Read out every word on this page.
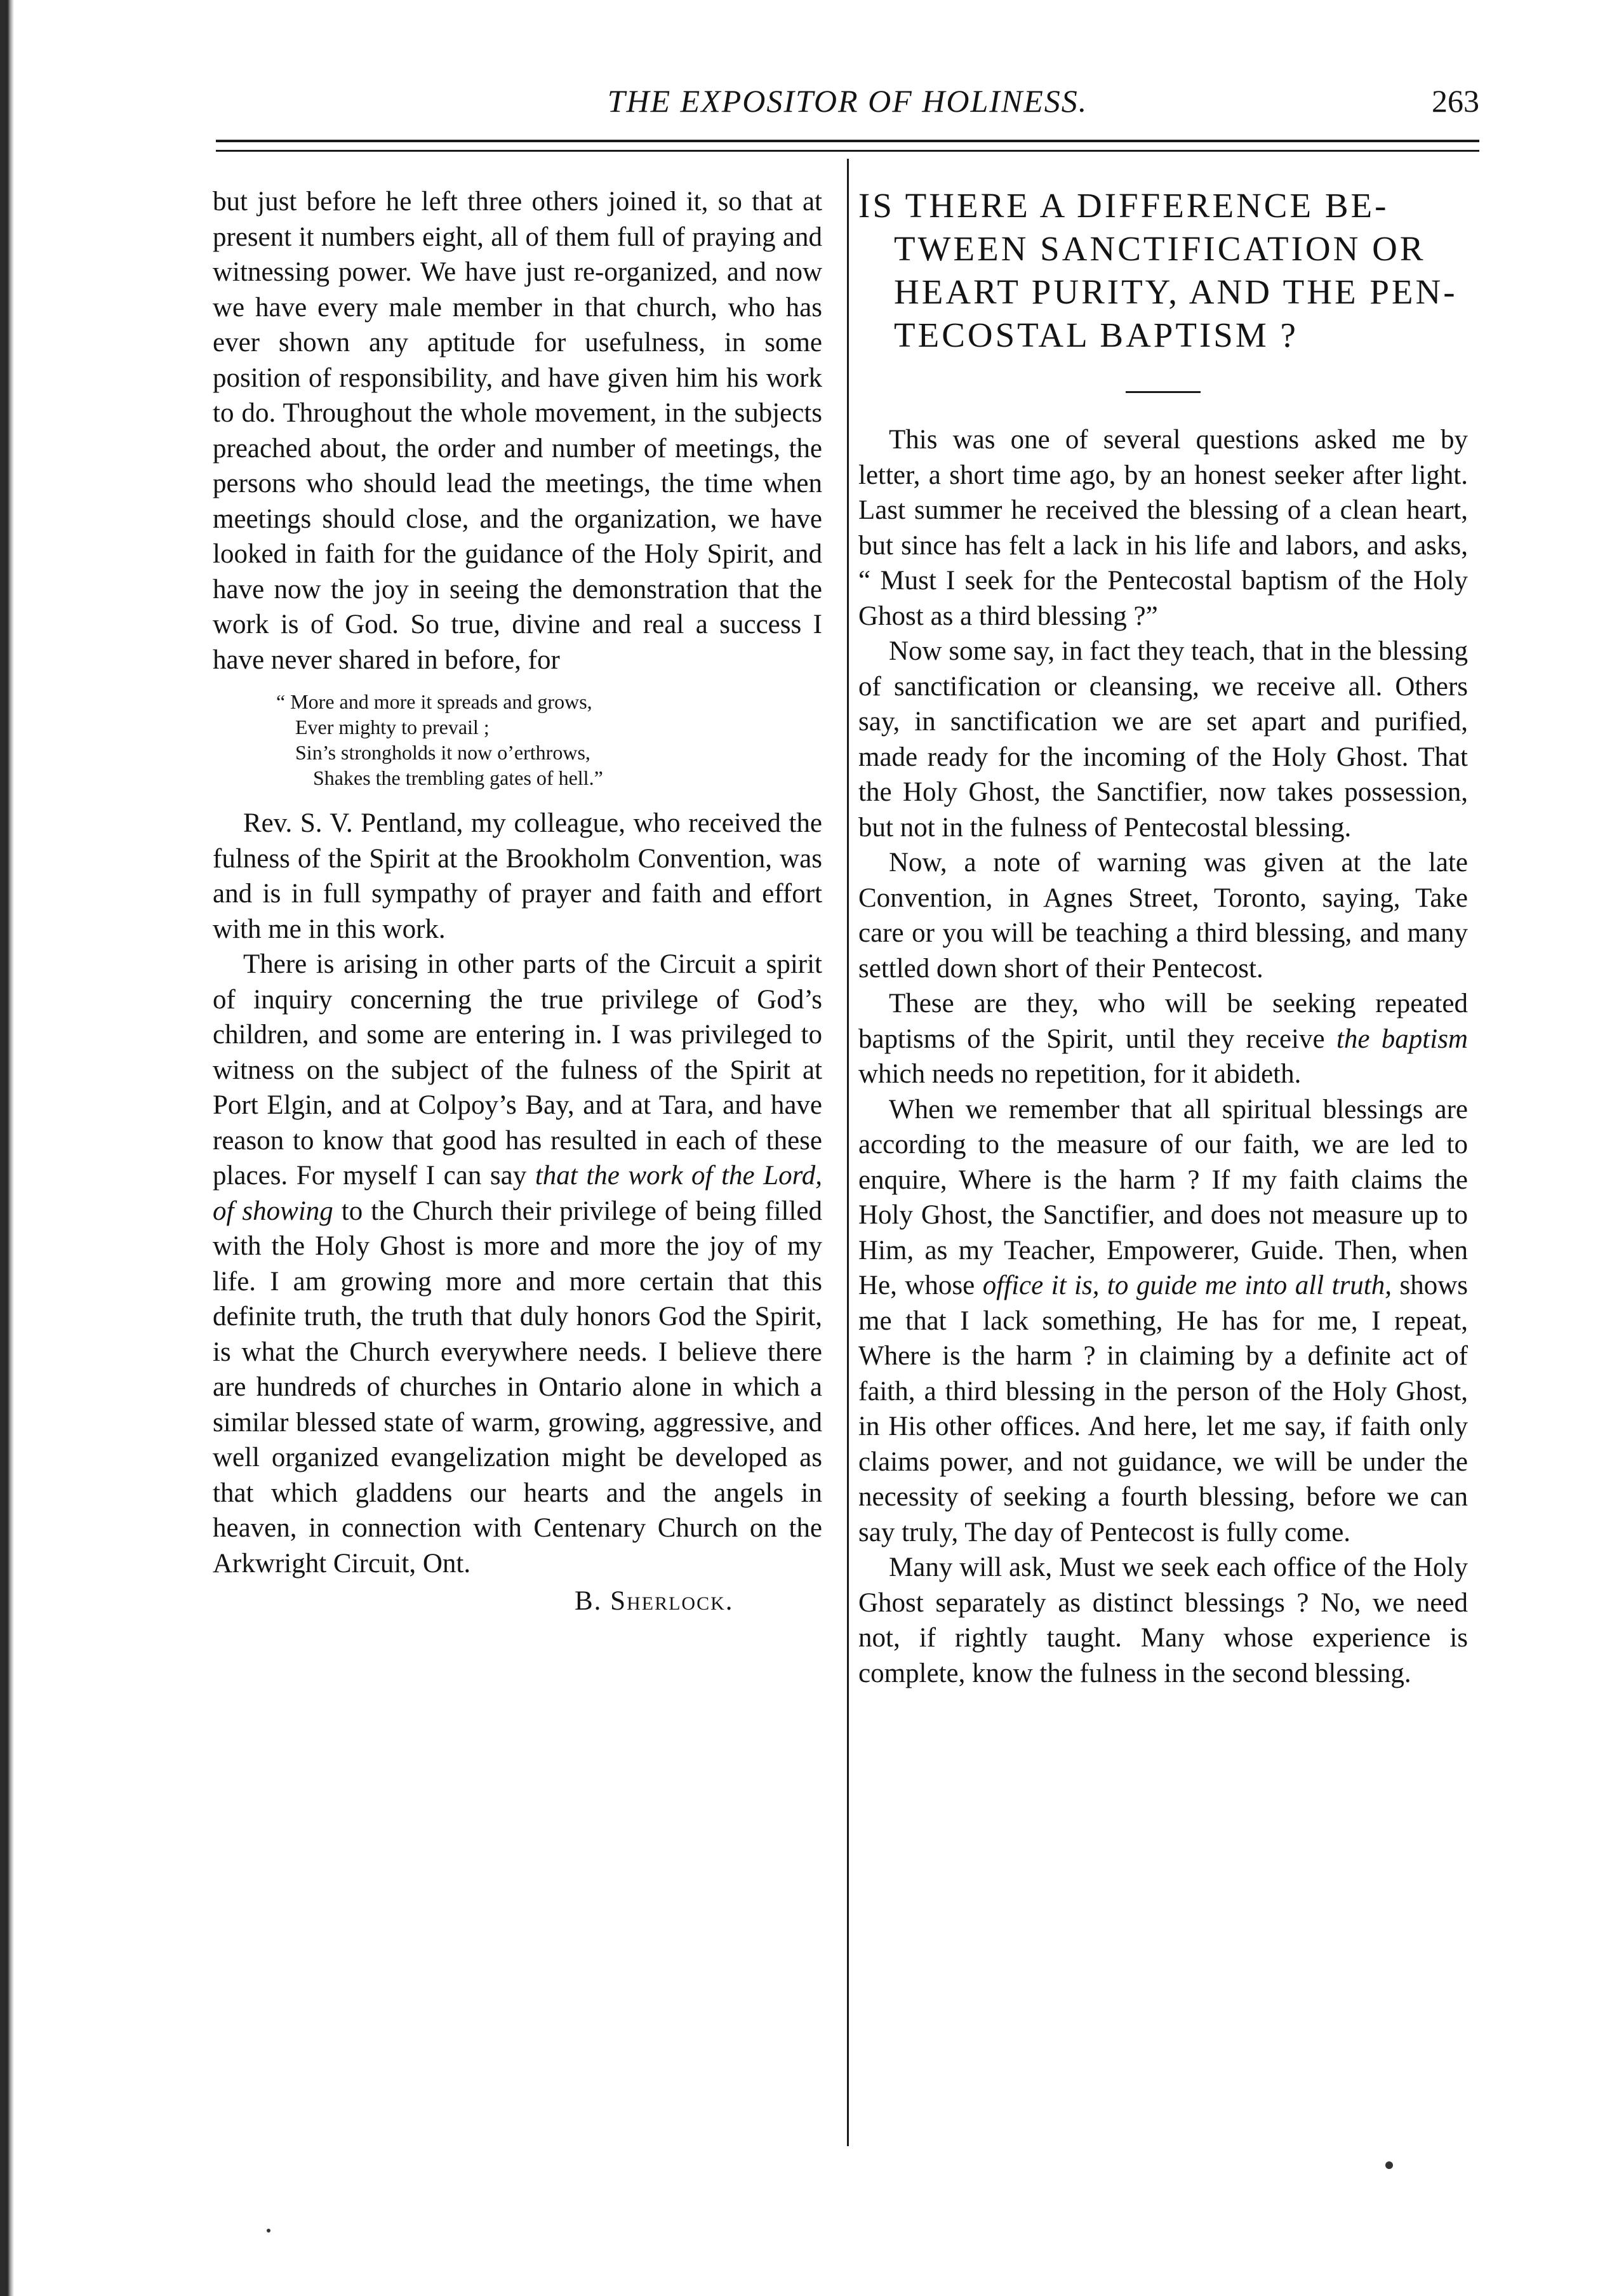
THE EXPOSITOR OF HOLINESS.	263

but just before he left three others joined it, so that at present it numbers eight, all of them full of praying and witnessing power. We have just re-organized, and now we have every male member in that church, who has ever shown any aptitude for usefulness, in some position of responsibility, and have given him his work to do. Throughout the whole movement, in the subjects preached about, the order and number of meetings, the persons who should lead the meetings, the time when meetings should close, and the organization, we have looked in faith for the guidance of the Holy Spirit, and have now the joy in seeing the demonstration that the work is of God. So true, divine and real a success I have never shared in before, for

“ More and more it spreads and grows,
Ever mighty to prevail ;
Sin’s strongholds it now o’erthrows,
Shakes the trembling gates of hell.”

Rev. S. V. Pentland, my colleague, who received the fulness of the Spirit at the Brookholm Convention, was and is in full sympathy of prayer and faith and effort with me in this work.

There is arising in other parts of the Circuit a spirit of inquiry concerning the true privilege of God’s children, and some are entering in. I was privileged to witness on the subject of the fulness of the Spirit at Port Elgin, and at Colpoy’s Bay, and at Tara, and have reason to know that good has resulted in each of these places. For myself I can say that the work of the Lord, of showing to the Church their privilege of being filled with the Holy Ghost is more and more the joy of my life. I am growing more and more certain that this definite truth, the truth that duly honors God the Spirit, is what the Church everywhere needs. I believe there are hundreds of churches in Ontario alone in which a similar blessed state of warm, growing, aggressive, and well organized evangelization might be developed as that which gladdens our hearts and the angels in heaven, in connection with Centenary Church on the Arkwright Circuit, Ont.

B. Sherlock.
IS THERE A DIFFERENCE BE-
TWEEN SANCTIFICATION OR
HEART PURITY, AND THE PEN-
TECOSTAL BAPTISM ?

This was one of several questions asked me by letter, a short time ago, by an honest seeker after light. Last summer he received the blessing of a clean heart, but since has felt a lack in his life and labors, and asks, “ Must I seek for the Pentecostal baptism of the Holy Ghost as a third blessing ?”

Now some say, in fact they teach, that in the blessing of sanctification or cleansing, we receive all. Others say, in sanctification we are set apart and purified, made ready for the incoming of the Holy Ghost. That the Holy Ghost, the Sanctifier, now takes possession, but not in the fulness of Pentecostal blessing.

Now, a note of warning was given at the late Convention, in Agnes Street, Toronto, saying, Take care or you will be teaching a third blessing, and many settled down short of their Pentecost.

These are they, who will be seeking repeated baptisms of the Spirit, until they receive the baptism which needs no repetition, for it abideth.

When we remember that all spiritual blessings are according to the measure of our faith, we are led to enquire, Where is the harm ? If my faith claims the Holy Ghost, the Sanctifier, and does not measure up to Him, as my Teacher, Empowerer, Guide. Then, when He, whose office it is, to guide me into all truth, shows me that I lack something, He has for me, I repeat, Where is the harm ? in claiming by a definite act of faith, a third blessing in the person of the Holy Ghost, in His other offices. And here, let me say, if faith only claims power, and not guidance, we will be under the necessity of seeking a fourth blessing, before we can say truly, The day of Pentecost is fully come.

Many will ask, Must we seek each office of the Holy Ghost separately as distinct blessings ? No, we need not, if rightly taught. Many whose experience is complete, know the fulness in the second blessing.
